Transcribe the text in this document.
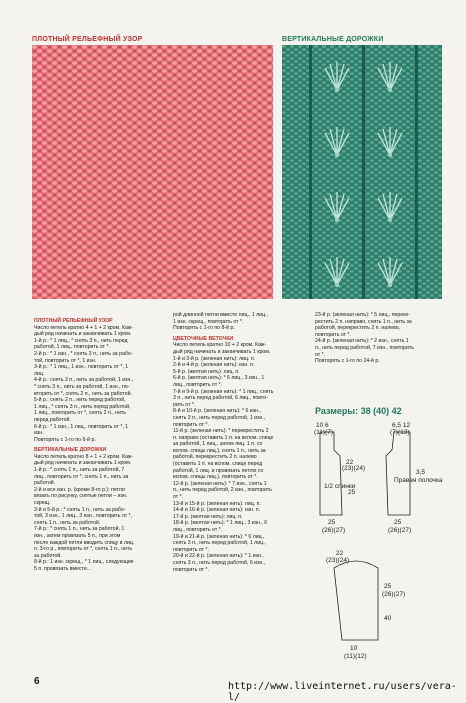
ПЛОТНЫЙ РЕЛЬЕФНЫЙ УЗОР	ВЕРТИКАЛЬНЫЕ ДОРОЖКИ

ПЛОТНЫЙ РЕЛЬЕФНЫЙ УЗОР

Число петель кратно 4 + 1 + 2 кром. Каж-

дый ряд начинать и заканчивать 1 кром.

1-й р.: * 1 лиц., * снять 3 п., нить перед

работой, 1 лиц., повторить от *.

2-й р.: * 1 изн., * снять 3 п., нить за рабо-

той, повторить от *, 1 изн.

3-й р.: * 1 лиц., 1 изн., повторить от *, 1

лиц.

4-й р.: снять 2 п., нить за работой, 1 изн.,

* снять 3 п., нить за работой, 1 изн., по-

вторить от *, снять 2 п., нить за работой.

5-й р.: снять 2 п., нить перед работой,

1 лиц., * снять 3 п., нить перед работой,

1 лиц., повторить от *, снять 2 п., нить

перед работой.

6-й р.: * 1 изн., 1 лиц., повторить от *, 1

изн.

Повторять с 1-го по 6-й р.

ВЕРТИКАЛЬНЫЕ ДОРОЖКИ

Число петель кратно 8 + 1 + 2 кром. Каж-

дый ряд начинать и заканчивать 1 кром.

1-й р.: * снять 1 п., нить за работой, 7

лиц., повторить от *, снять 1 п., нить за

работой.

2-й и все изн. р. (кроме 8-го р.): петли

вязать по рисунку, снятые петли – изн.

скрещ.

3-й и 5-й р.: * снять 1 п., нить за рабо-

той, 3 изн., 1 лиц., 3 изн., повторить от *,

снять 1 п., нить за работой.

7-й р.: * снять 1 п., нить за работой, 1

изн., затем провязать 5 п., при этом

после каждой петли вводить спицу в лиц.

п. 3-го р., повторить от *, снять 1 п., нить

за работой.

8-й р.: 1 изн. скрещ., * 1 лиц., следующие

5 п. провязать вместе...

рой длинной петли вместе лиц., 1 лиц.,

1 изн. скрещ., повторить от *.

Повторять с 1-го по 8-й р.

ЦВЕТОЧНЫЕ ВЕТОЧКИ

Число петель кратно 10 + 2 кром. Каж-

дый ряд начинать и заканчивать 1 кром.

1-й и 3-й р. (зеленая нить): лиц. п.

2-й и 4-й р. (зеленая нить): изн. п.

5-й р. (желтая нить): лиц. п.

6-й р. (желтая нить): * 6 лиц., 3 изн., 1

лиц., повторить от *.

7-й и 9-й р. (зеленая нить): * 1 лиц., снять

3 п., нить перед работой, 6 лиц., повто-

рить от *.

8-й и 10-й р. (зеленая нить): * 6 изн.,

снять 3 п., нить перед работой, 1 изн.,

повторить от *.

11-й р. (зеленая нить): * перекрестить 2

п. направо (оставить 1 п. на вспом. спице

за работой, 1 лиц., затем лиц. 1 п. со

вспом. спицы лиц.), снять 1 п., нить за

работой, перекрестить 2 п. налево

(оставить 1 п. на вспом. спице перед

работой, 1 лиц. и провязать петлю со

вспом. спицы лиц.), повторить от *.

12-й р. (зеленая нить): * 7 изн., снять 1

п., нить перед работой, 2 изн., повторить

от *.

13-й и 15-й р. (зеленая нить): лиц. п.

14-й и 16-й р. (зеленая нить): изн. п.

17-й р. (желтая нить): лиц. п.

18-й р. (желтая нить): * 1 лиц., 3 изн., 6

лиц., повторить от *.

19-й и 21-й р. (зеленая нить): * 6 лиц.,

снять 3 п., нить перед работой, 1 лиц.,

повторить от *.

20-й и 22-й р. (зеленая нить): * 1 изн.,

снять 3 п., нить перед работой, 6 изн.,

повторить от *.

23-й р. (зеленая нить): * 5 лиц., переке-

рестить 2 п. направо, снять 1 п., нить за

работой, перекрестить 2 п. налево,

повторить от *.

24-й р. (зеленая нить): * 2 изн., снять 1

п., нить перед работой, 7 изн., повторить

от *.

Повторять с 1-го по 24-й р.

Размеры: 38 (40) 42
10 6
(11)(7)
1/2 спинки
22
(23)(24)
25
25
(26)(27)
6,5 12
(7)(13)
Правая полочка
25
(26)(27)
3,5
22
(23)(24)
25
(26)(27)
40
10
(11)(12)
6	http://www.liveinternet.ru/users/vera-l/
